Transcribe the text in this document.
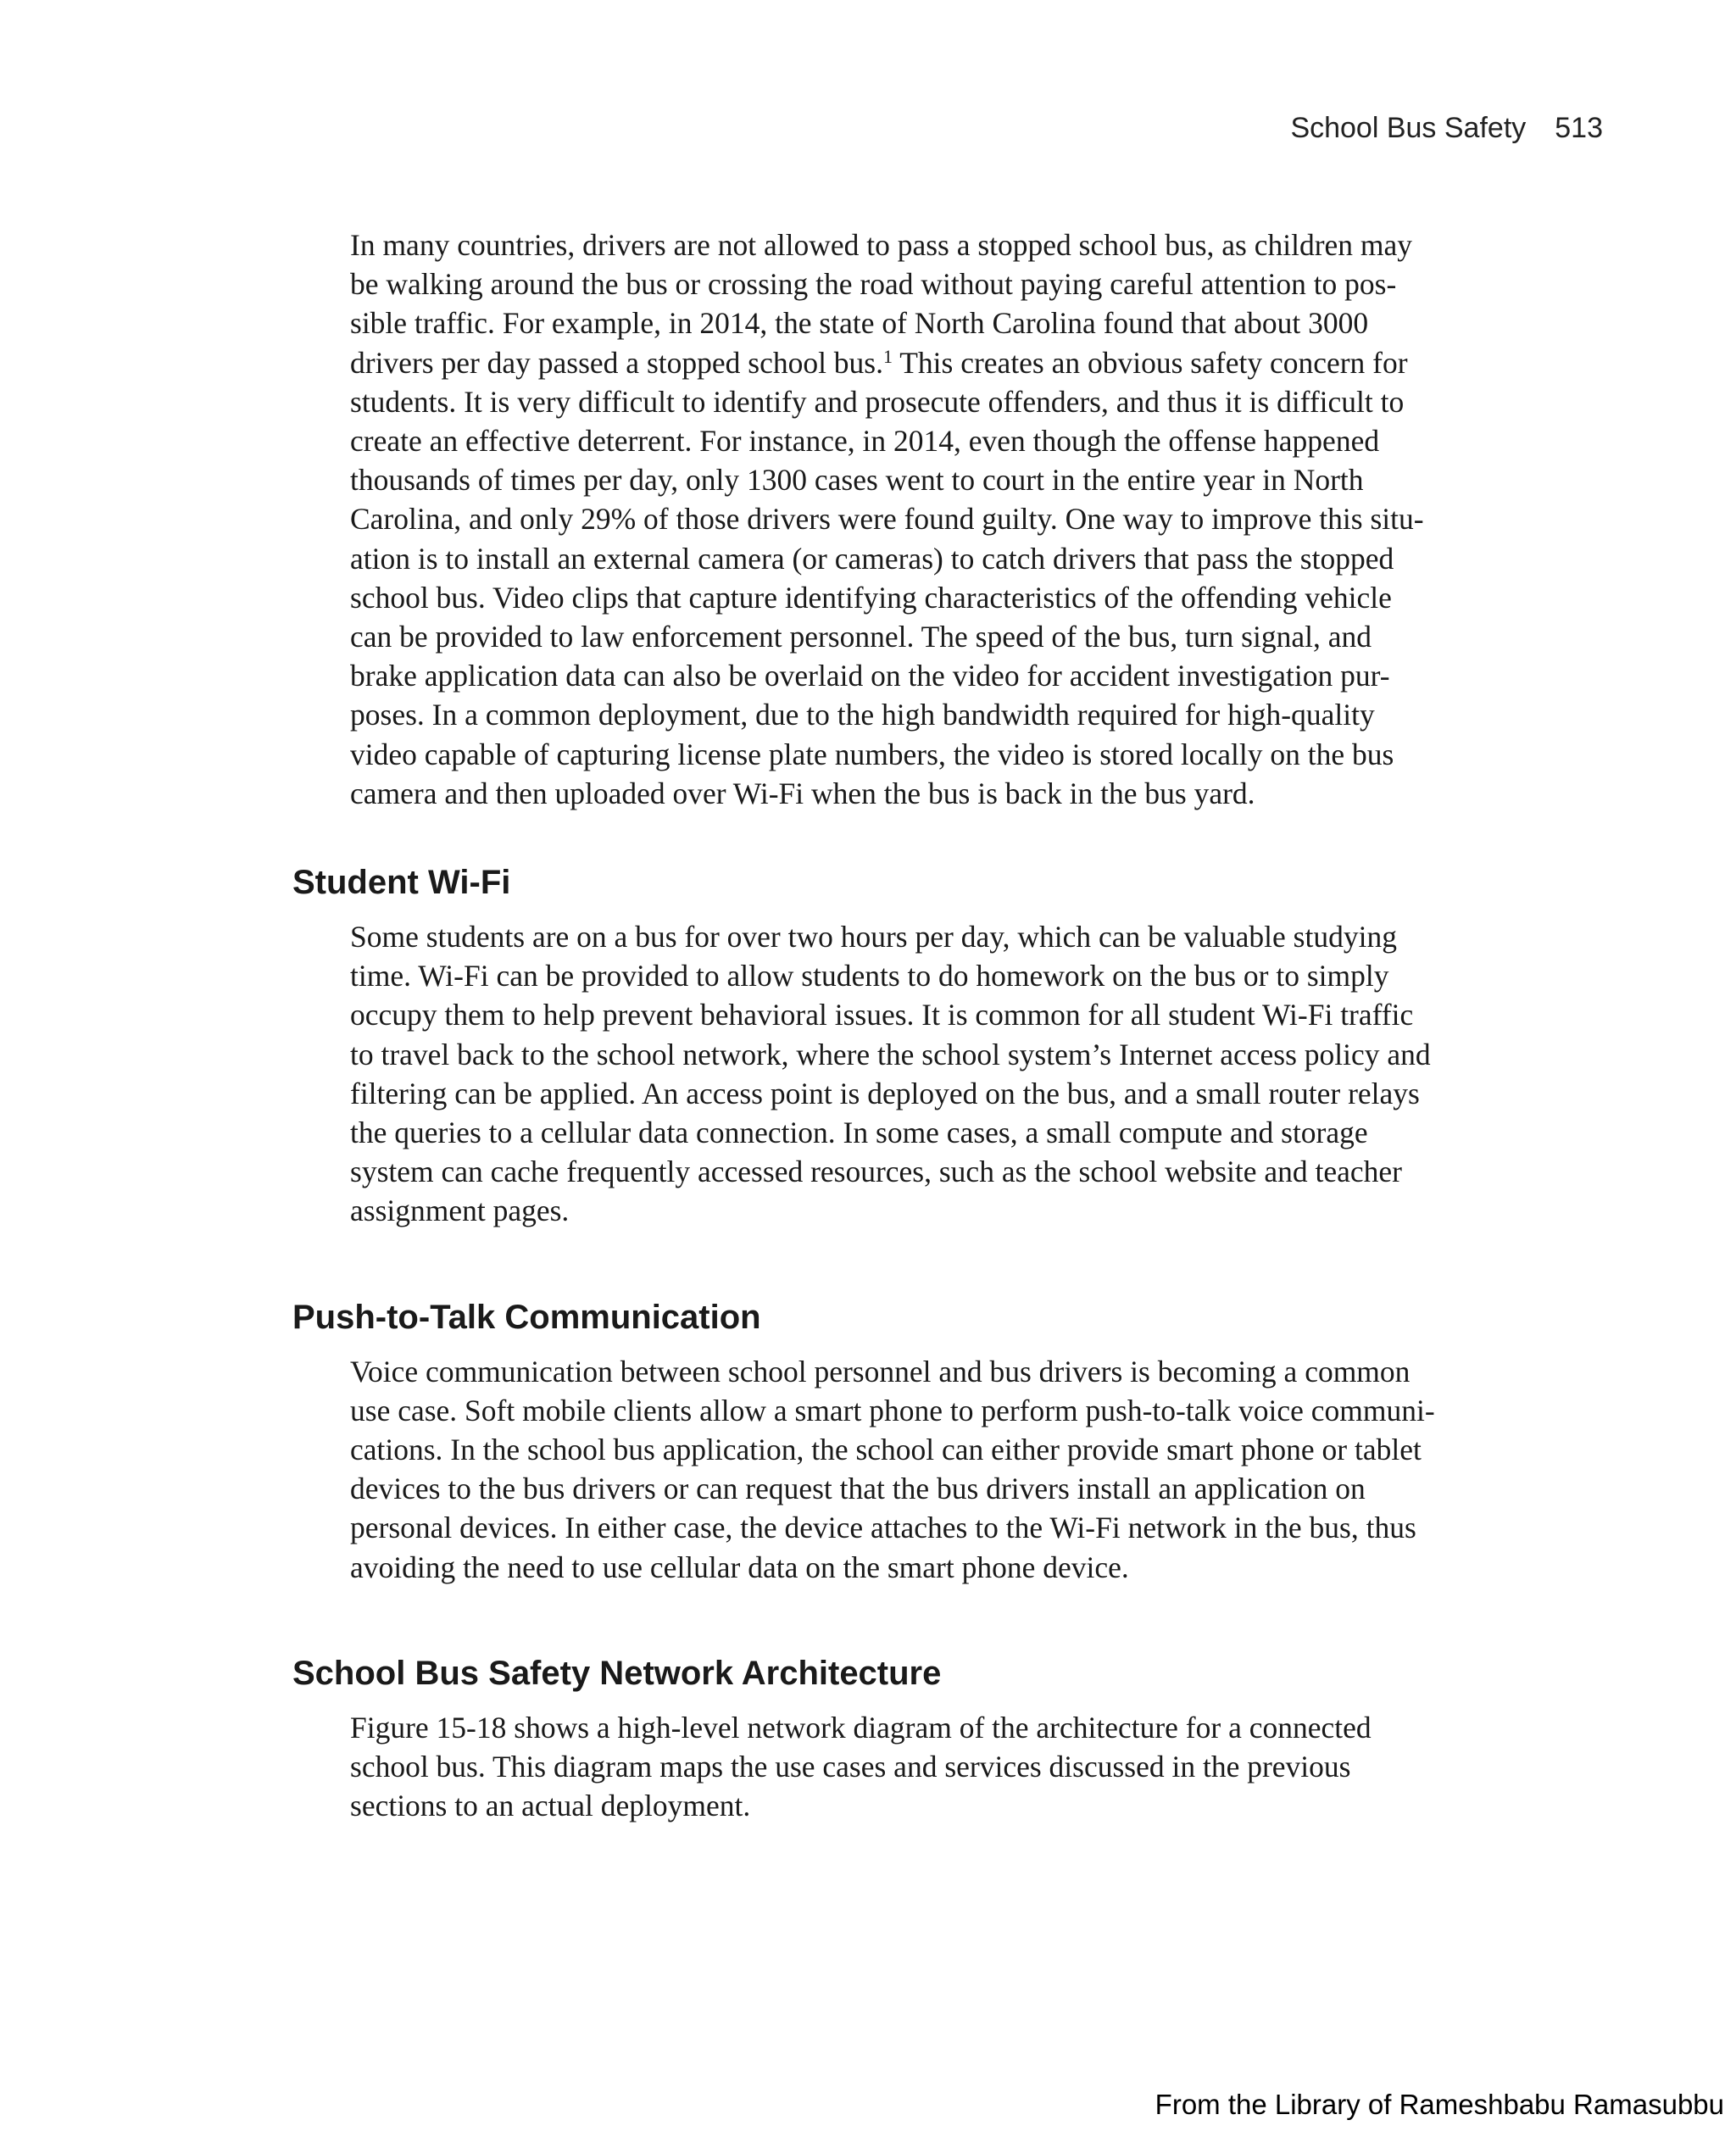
School Bus Safety 513

In many countries, drivers are not allowed to pass a stopped school bus, as children may
be walking around the bus or crossing the road without paying careful attention to pos-
sible traffic. For example, in 2014, the state of North Carolina found that about 3000
drivers per day passed a stopped school bus.$^1$ This creates an obvious safety concern for
students. It is very difficult to identify and prosecute offenders, and thus it is difficult to
create an effective deterrent. For instance, in 2014, even though the offense happened
thousands of times per day, only 1300 cases went to court in the entire year in North
Carolina, and only 29% of those drivers were found guilty. One way to improve this situ-
ation is to install an external camera (or cameras) to catch drivers that pass the stopped
school bus. Video clips that capture identifying characteristics of the offending vehicle
can be provided to law enforcement personnel. The speed of the bus, turn signal, and
brake application data can also be overlaid on the video for accident investigation pur-
poses. In a common deployment, due to the high bandwidth required for high-quality
video capable of capturing license plate numbers, the video is stored locally on the bus
camera and then uploaded over Wi-Fi when the bus is back in the bus yard.

Student Wi-Fi

Some students are on a bus for over two hours per day, which can be valuable studying
time. Wi-Fi can be provided to allow students to do homework on the bus or to simply
occupy them to help prevent behavioral issues. It is common for all student Wi-Fi traffic
to travel back to the school network, where the school system’s Internet access policy and
filtering can be applied. An access point is deployed on the bus, and a small router relays
the queries to a cellular data connection. In some cases, a small compute and storage
system can cache frequently accessed resources, such as the school website and teacher
assignment pages.

Push-to-Talk Communication

Voice communication between school personnel and bus drivers is becoming a common
use case. Soft mobile clients allow a smart phone to perform push-to-talk voice communi-
cations. In the school bus application, the school can either provide smart phone or tablet
devices to the bus drivers or can request that the bus drivers install an application on
personal devices. In either case, the device attaches to the Wi-Fi network in the bus, thus
avoiding the need to use cellular data on the smart phone device.

School Bus Safety Network Architecture

Figure 15-18 shows a high-level network diagram of the architecture for a connected
school bus. This diagram maps the use cases and services discussed in the previous
sections to an actual deployment.

From the Library of Rameshbabu Ramasubbu
